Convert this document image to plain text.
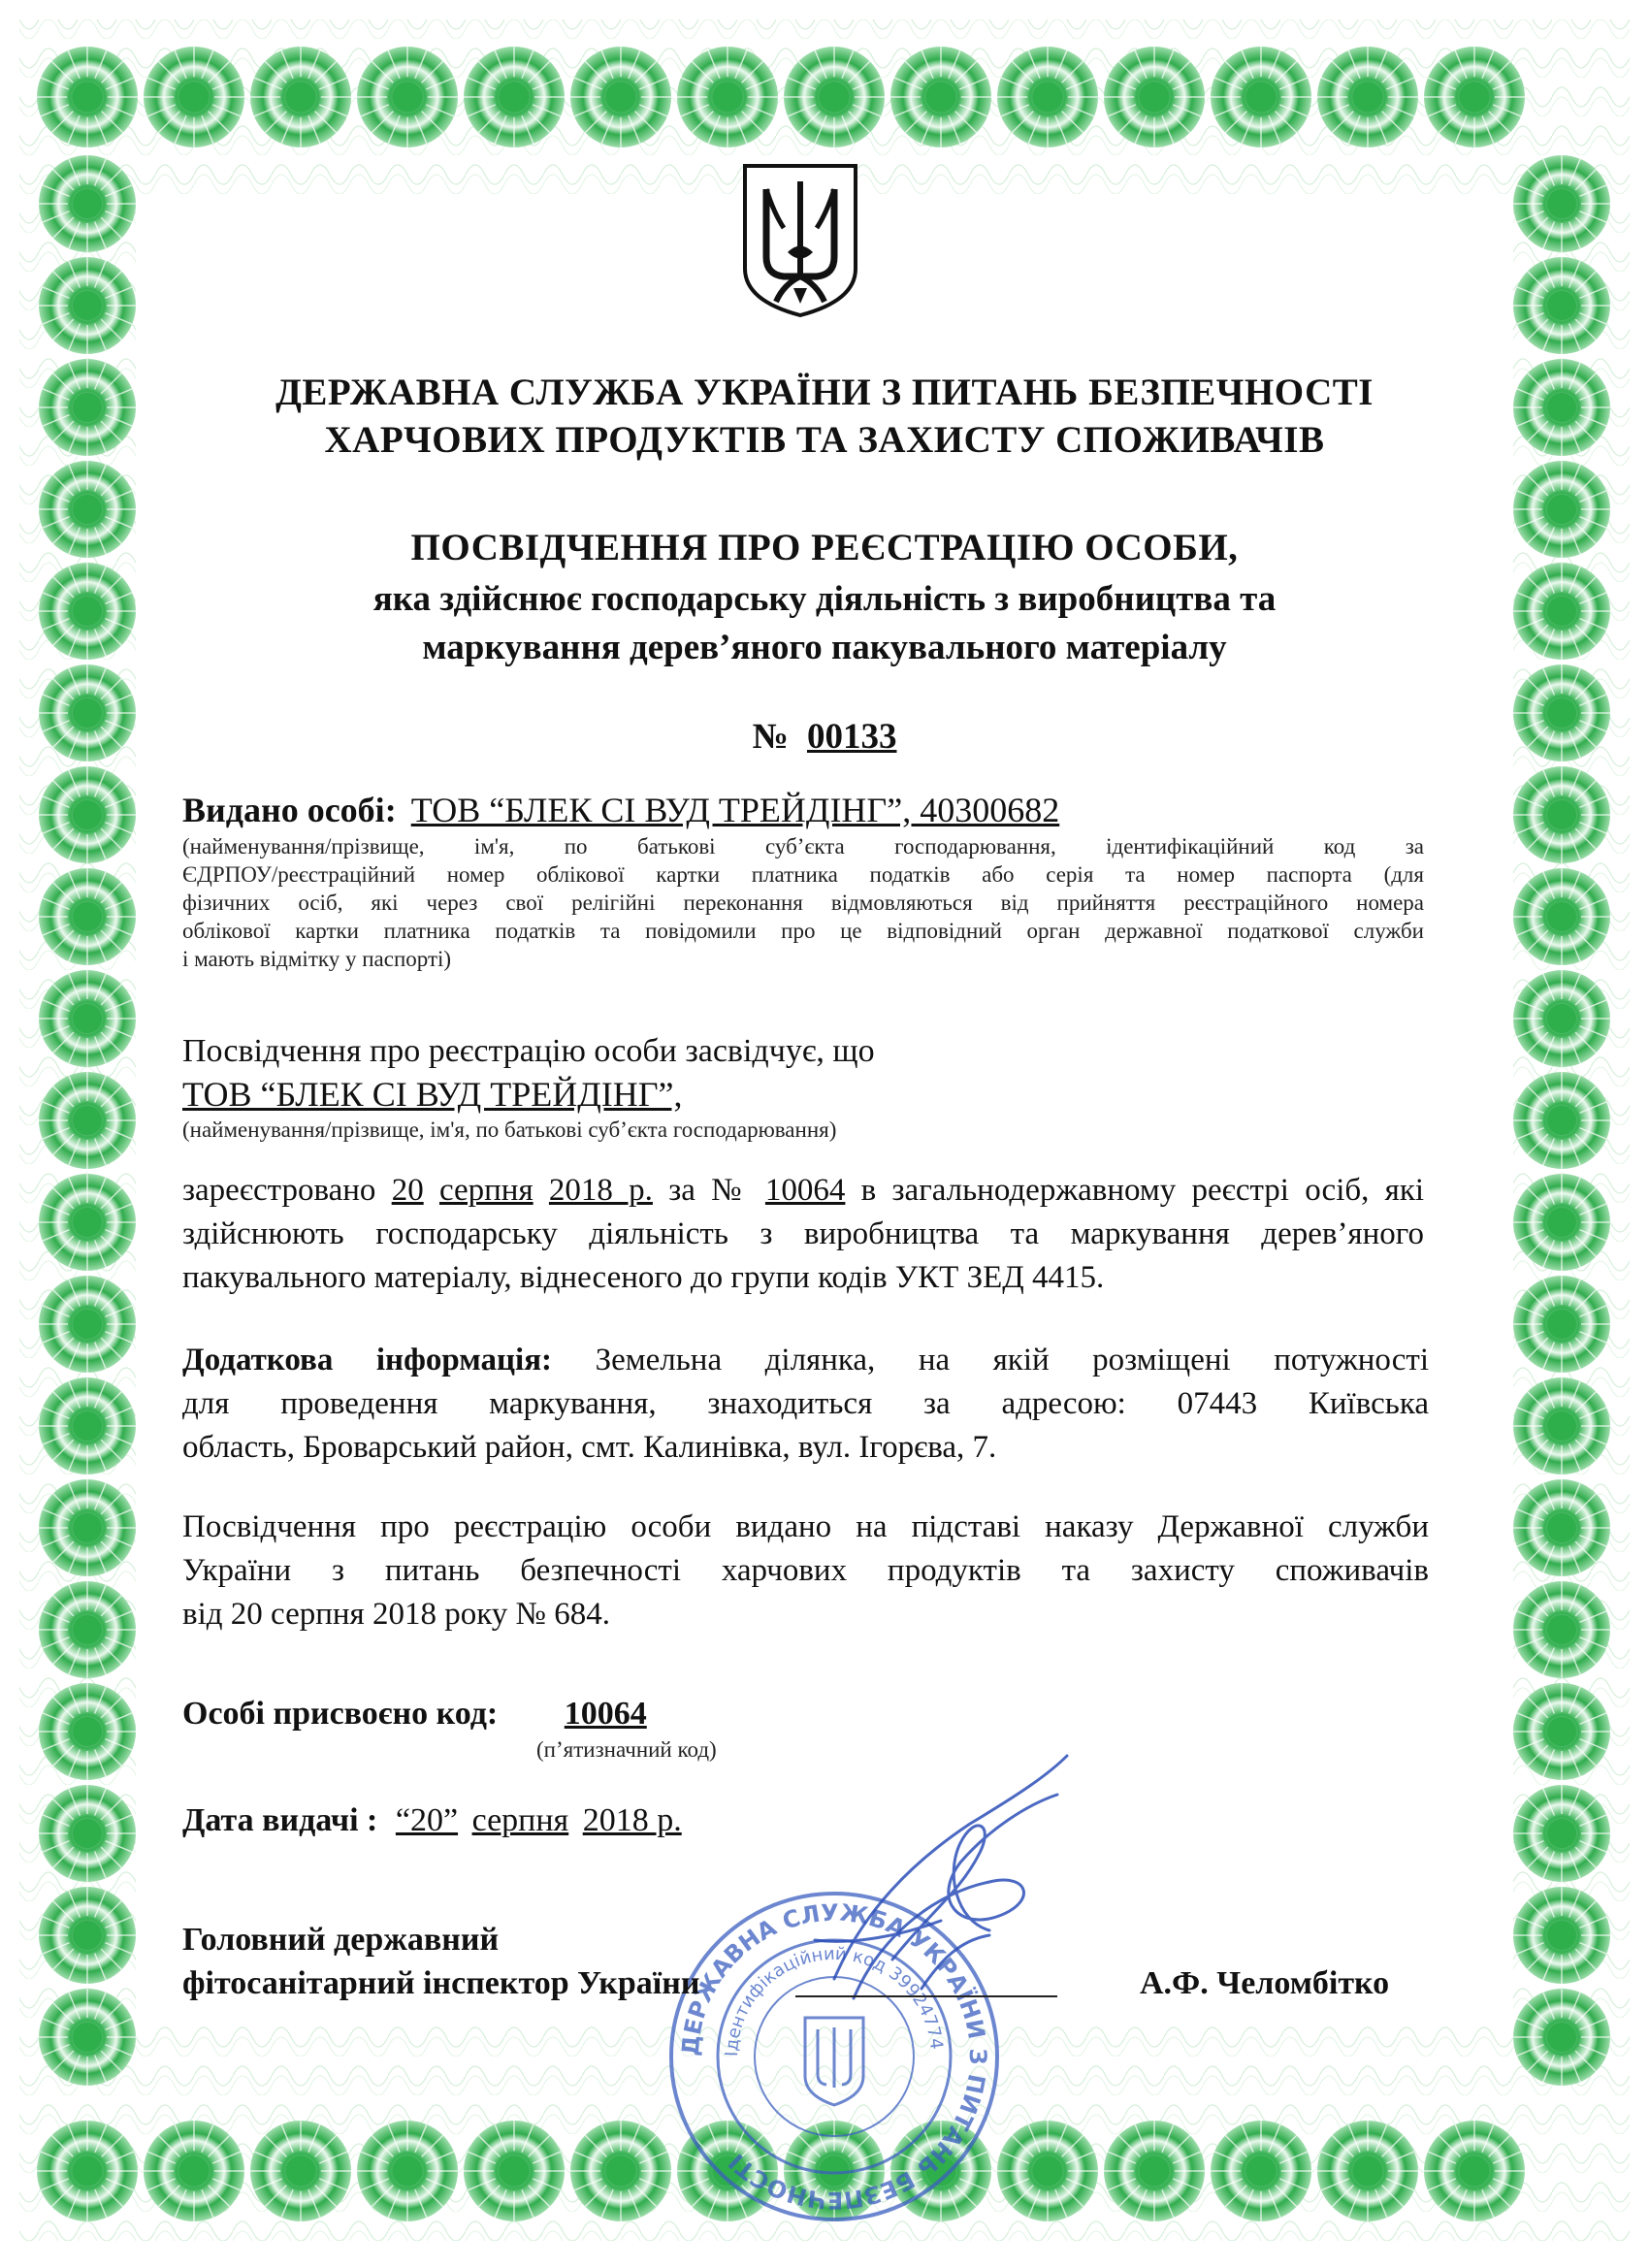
ДЕРЖАВНА СЛУЖБА УКРАЇНИ З ПИТАНЬ БЕЗПЕЧНОСТІ
ХАРЧОВИХ ПРОДУКТІВ ТА ЗАХИСТУ СПОЖИВАЧІВ
ПОСВІДЧЕННЯ ПРО РЕЄСТРАЦІЮ ОСОБИ,
яка здійснює господарську діяльність з виробництва та
маркування дерев’яного пакувального матеріалу
№ 00133
Видано особі: ТОВ “БЛЕК СІ ВУД ТРЕЙДІНГ”, 40300682
(найменування/прізвище, ім'я, по батькові суб’єкта господарювання, ідентифікаційний код за
ЄДРПОУ/реєстраційний номер облікової картки платника податків або серія та номер паспорта (для
фізичних осіб, які через свої релігійні переконання відмовляються від прийняття реєстраційного номера
облікової картки платника податків та повідомили про це відповідний орган державної податкової служби
і мають відмітку у паспорті)
Посвідчення про реєстрацію особи засвідчує, що
ТОВ “БЛЕК СІ ВУД ТРЕЙДІНГ”,
(найменування/прізвище, ім'я, по батькові суб’єкта господарювання)
зареєстровано 20 серпня 2018 р. за № 10064 в загальнодержавному реєстрі осіб, які
здійснюють господарську діяльність з виробництва та маркування дерев’яного
пакувального матеріалу, віднесеного до групи кодів УКТ ЗЕД 4415.
Додаткова інформація: Земельна ділянка, на якій розміщені потужності
для проведення маркування, знаходиться за адресою: 07443 Київська
область, Броварський район, смт. Калинівка, вул. Ігорєва, 7.
Посвідчення про реєстрацію особи видано на підставі наказу Державної служби
України з питань безпечності харчових продуктів та захисту споживачів
від 20 серпня 2018 року № 684.
Особі присвоєно код: 10064
(п’ятизначний код)
Дата видачі : “20” серпня 2018 р.
ДЕРЖАВНА СЛУЖБА УКРАЇНИ З ПИТАНЬ БЕЗПЕЧНОСТІ
Ідентифікаційний код 39924774
Головний державний
фітосанітарний інспектор України	А.Ф. Челомбітко
